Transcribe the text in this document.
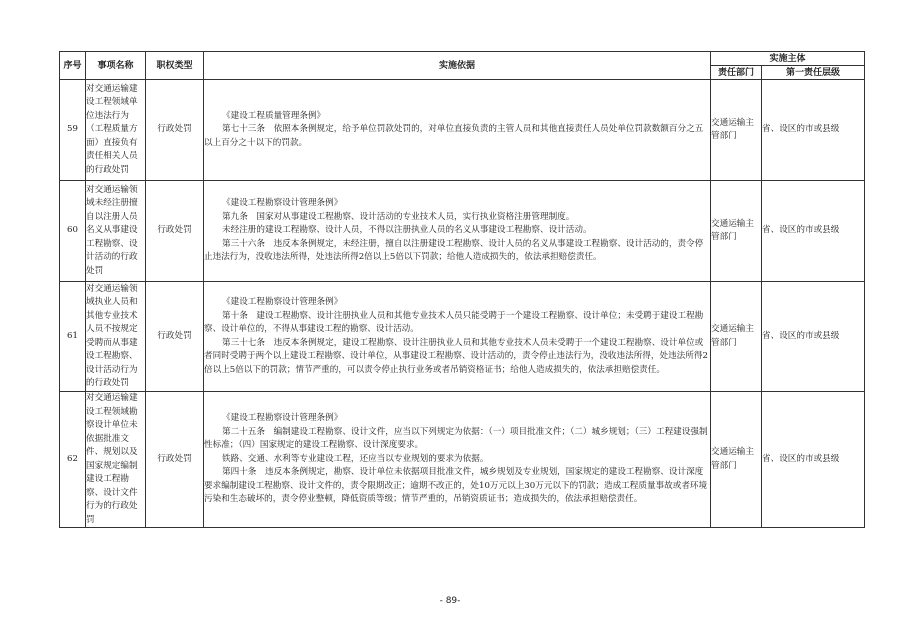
序号	事项名称	职权类型	实施依据	实施主体	
				责任部门	第一责任层级
59	对交通运输建设工程领域单位违法行为（工程质量方面）直接负有责任相关人员的行政处罚	行政处罚	《建设工程质量管理条例》

第七十三条　依照本条例规定，给予单位罚款处罚的，对单位直接负责的主管人员和其他直接责任人员处单位罚款数额百分之五以上百分之十以下的罚款。	交通运输主管部门	省、设区的市或县级
60	对交通运输领域未经注册擅自以注册人员名义从事建设工程勘察、设计活动的行政处罚	行政处罚	《建设工程勘察设计管理条例》

第九条　国家对从事建设工程勘察、设计活动的专业技术人员，实行执业资格注册管理制度。

未经注册的建设工程勘察、设计人员，不得以注册执业人员的名义从事建设工程勘察、设计活动。

第三十六条　违反本条例规定，未经注册，擅自以注册建设工程勘察、设计人员的名义从事建设工程勘察、设计活动的，责令停止违法行为，没收违法所得，处违法所得2倍以上5倍以下罚款；给他人造成损失的，依法承担赔偿责任。	交通运输主管部门	省、设区的市或县级
61	对交通运输领域执业人员和其他专业技术人员不按规定受聘而从事建设工程勘察、设计活动行为的行政处罚	行政处罚	《建设工程勘察设计管理条例》

第十条　建设工程勘察、设计注册执业人员和其他专业技术人员只能受聘于一个建设工程勘察、设计单位；未受聘于建设工程勘察、设计单位的，不得从事建设工程的勘察、设计活动。

第三十七条　违反本条例规定，建设工程勘察、设计注册执业人员和其他专业技术人员未受聘于一个建设工程勘察、设计单位或者同时受聘于两个以上建设工程勘察、设计单位，从事建设工程勘察、设计活动的，责令停止违法行为，没收违法所得，处违法所得2倍以上5倍以下的罚款；情节严重的，可以责令停止执行业务或者吊销资格证书；给他人造成损失的，依法承担赔偿责任。	交通运输主管部门	省、设区的市或县级
62	对交通运输建设工程领域勘察设计单位未依据批准文件、规划以及国家规定编制建设工程勘察、设计文件行为的行政处罚	行政处罚	《建设工程勘察设计管理条例》

第二十五条　编制建设工程勘察、设计文件，应当以下列规定为依据：（一）项目批准文件；（二）城乡规划；（三）工程建设强制性标准；（四）国家规定的建设工程勘察、设计深度要求。

铁路、交通、水利等专业建设工程，还应当以专业规划的要求为依据。

第四十条　违反本条例规定，勘察、设计单位未依据项目批准文件，城乡规划及专业规划，国家规定的建设工程勘察、设计深度要求编制建设工程勘察、设计文件的，责令限期改正；逾期不改正的，处10万元以上30万元以下的罚款；造成工程质量事故或者环境污染和生态破坏的，责令停业整顿，降低资质等级；情节严重的，吊销资质证书；造成损失的，依法承担赔偿责任。	交通运输主管部门	省、设区的市或县级
- 89-
